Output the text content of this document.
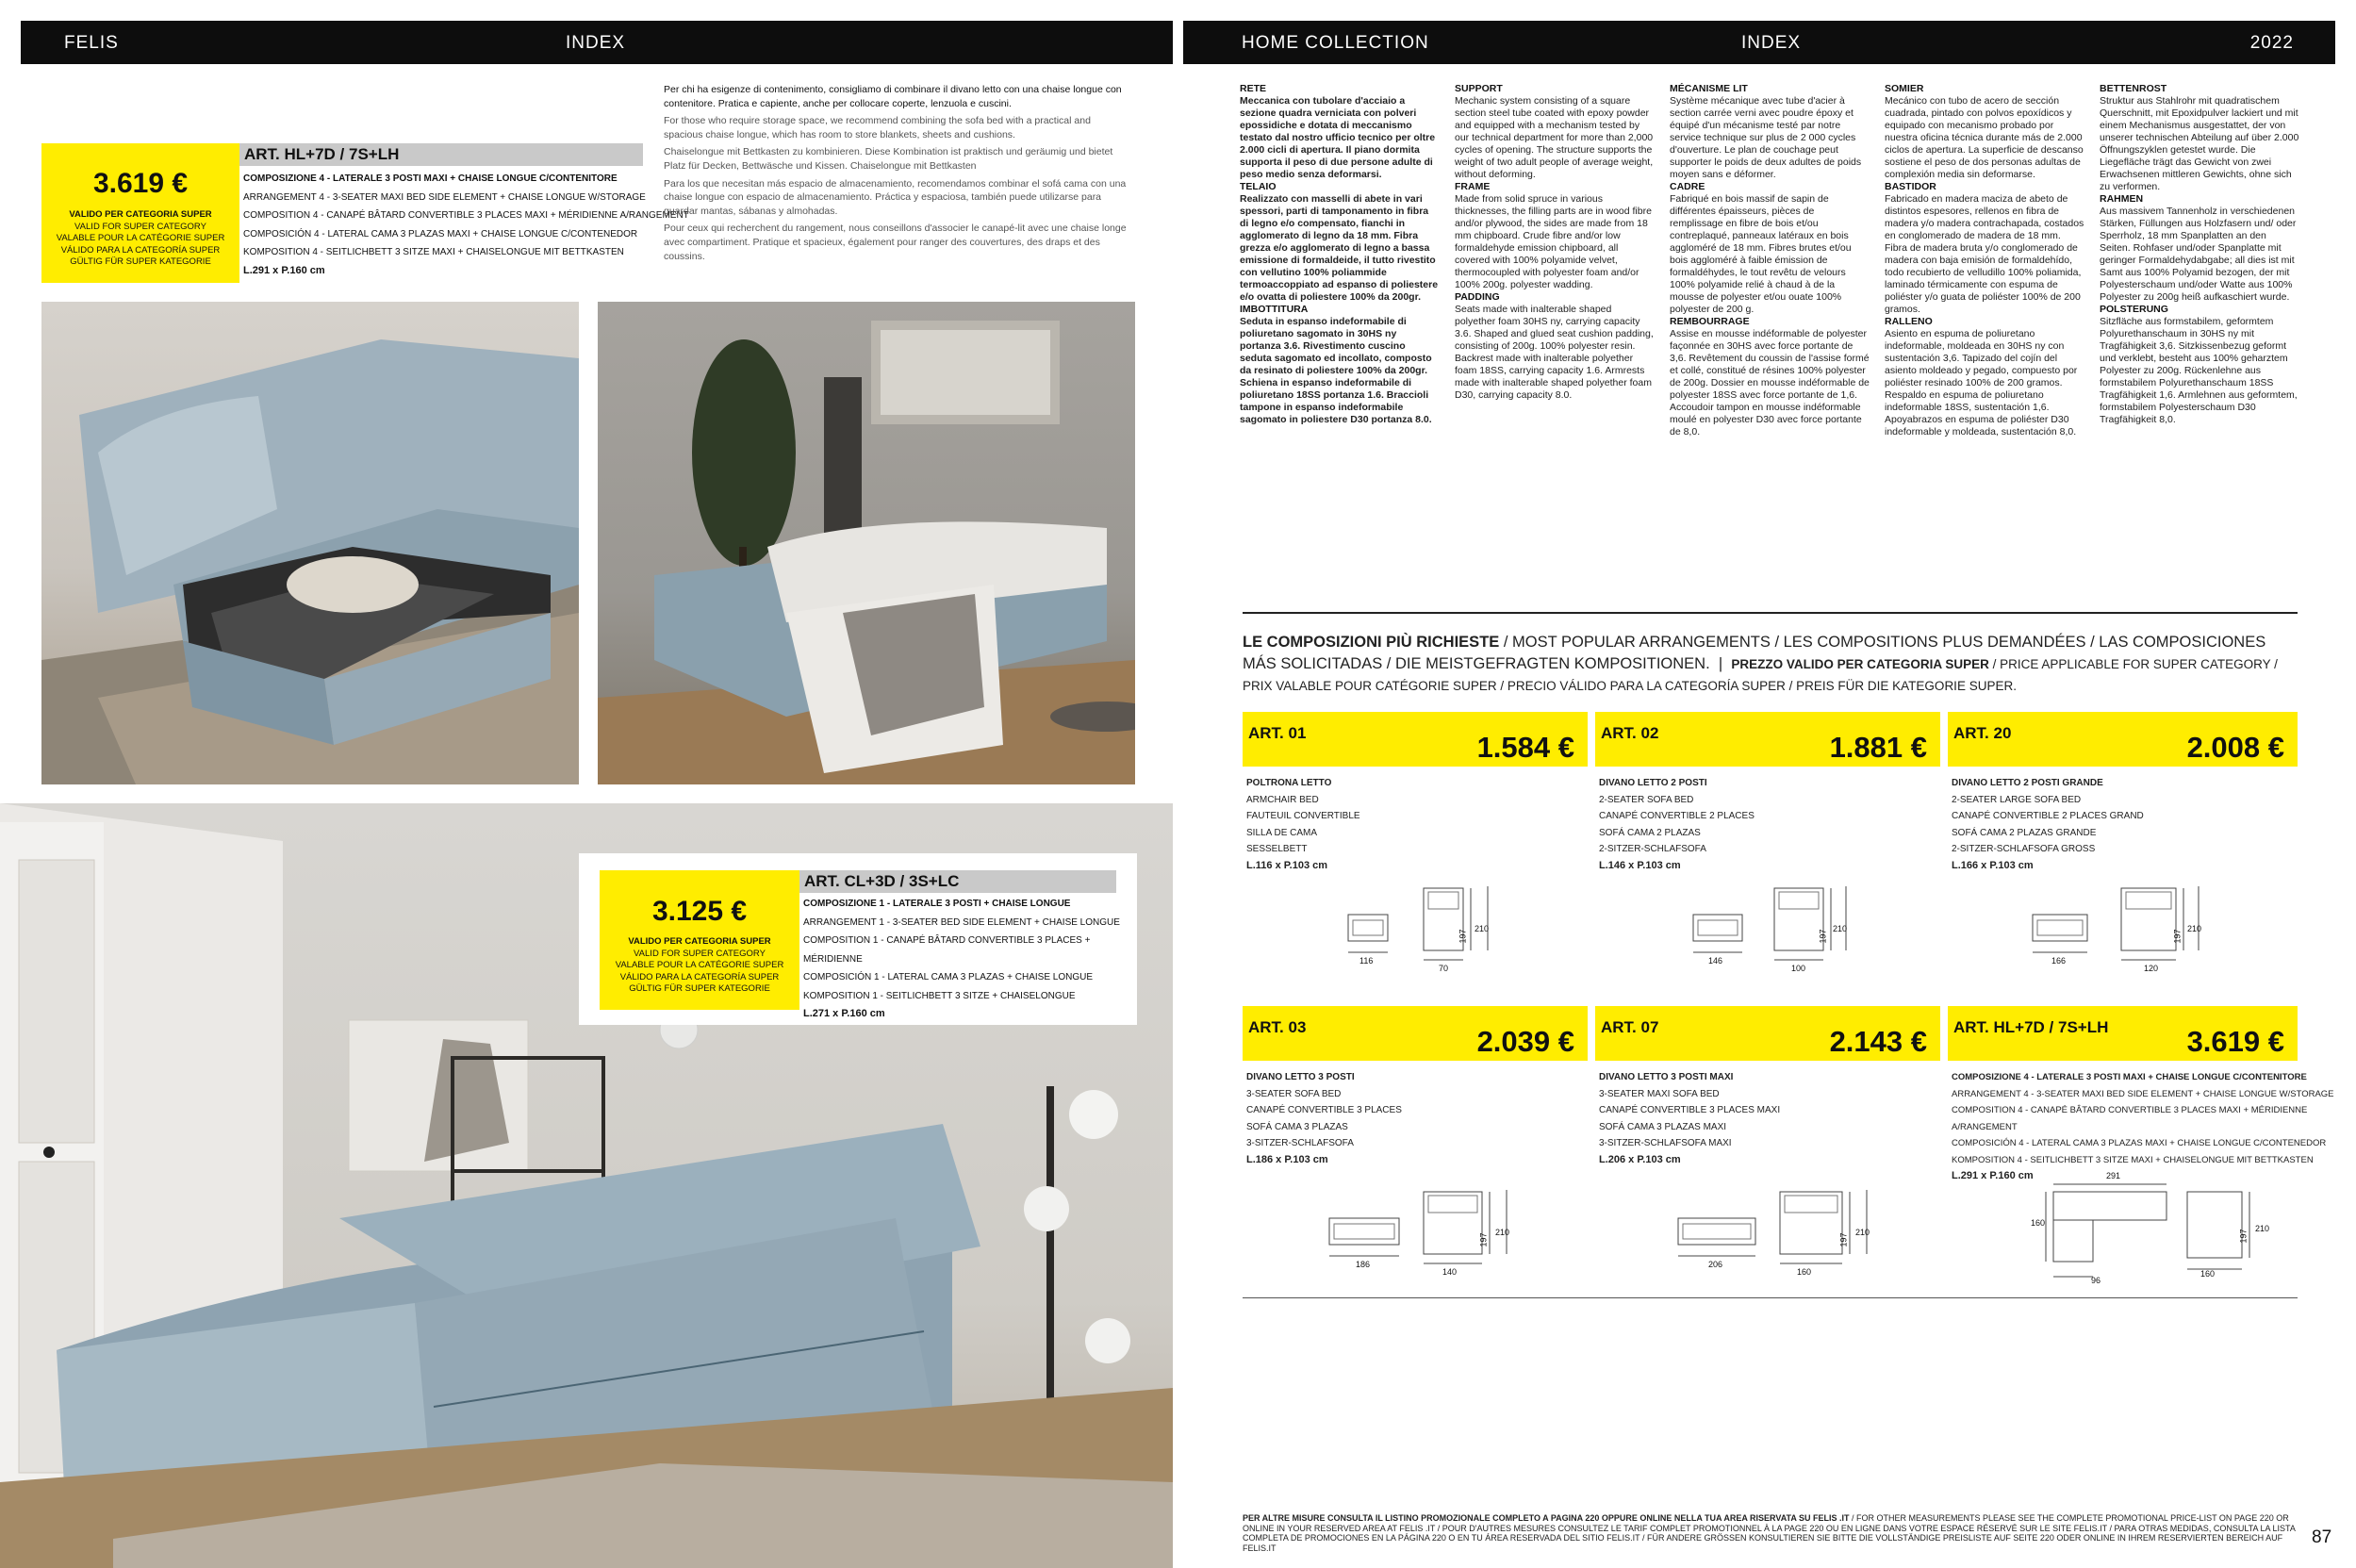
FELIS	INDEX	HOME COLLECTION	INDEX	2022
3.619 €
VALIDO PER CATEGORIA SUPER
VALID FOR SUPER CATEGORY
VALABLE POUR LA CATÉGORIE SUPER
VÁLIDO PARA LA CATEGORÍA SUPER
GÜLTIG FÜR SUPER KATEGORIE
ART. HL+7D / 7S+LH
COMPOSIZIONE 4 - LATERALE 3 POSTI MAXI + CHAISE LONGUE C/CONTENITORE
ARRANGEMENT 4 - 3-SEATER MAXI BED SIDE ELEMENT + CHAISE LONGUE W/STORAGE
COMPOSITION 4 - CANAPÉ BÂTARD CONVERTIBLE 3 PLACES MAXI + MÉRIDIENNE A/RANGEMENT
COMPOSICIÓN 4 - LATERAL CAMA 3 PLAZAS MAXI + CHAISE LONGUE C/CONTENEDOR
KOMPOSITION 4 - SEITLICHBETT 3 SITZE MAXI + CHAISELONGUE MIT BETTKASTEN
L.291 x P.160 cm

Per chi ha esigenze di contenimento, consigliamo di combinare il divano letto con una chaise longue con contenitore. Pratica e capiente, anche per collocare coperte, lenzuola e cuscini.

For those who require storage space, we recommend combining the sofa bed with a practical and spacious chaise longue, which has room to store blankets, sheets and cushions.

Chaiselongue mit Bettkasten zu kombinieren. Diese Kombination ist praktisch und geräumig und bietet Platz für Decken, Bettwäsche und Kissen. Chaiselongue mit Bettkasten

Para los que necesitan más espacio de almacenamiento, recomendamos combinar el sofá cama con una chaise longue con espacio de almacenamiento. Práctica y espaciosa, también puede utilizarse para guardar mantas, sábanas y almohadas.

Pour ceux qui recherchent du rangement, nous conseillons d'associer le canapé-lit avec une chaise longe avec compartiment. Pratique et spacieux, également pour ranger des couvertures, des draps et des coussins.

3.125 €
VALIDO PER CATEGORIA SUPER
VALID FOR SUPER CATEGORY
VALABLE POUR LA CATÉGORIE SUPER
VÁLIDO PARA LA CATEGORÍA SUPER
GÜLTIG FÜR SUPER KATEGORIE
ART. CL+3D / 3S+LC
COMPOSIZIONE 1 - LATERALE 3 POSTI + CHAISE LONGUE
ARRANGEMENT 1 - 3-SEATER BED SIDE ELEMENT + CHAISE LONGUE
COMPOSITION 1 - CANAPÉ BÂTARD CONVERTIBLE 3 PLACES + MÉRIDIENNE
COMPOSICIÓN 1 - LATERAL CAMA 3 PLAZAS + CHAISE LONGUE
KOMPOSITION 1 - SEITLICHBETT 3 SITZE + CHAISELONGUE
L.271 x P.160 cm
RETE
Meccanica con tubolare d'acciaio a sezione quadra verniciata con polveri epossidiche e dotata di meccanismo testato dal nostro ufficio tecnico per oltre 2.000 cicli di apertura. Il piano dormita supporta il peso di due persone adulte di peso medio senza deformarsi.
TELAIO
Realizzato con masselli di abete in vari spessori, parti di tamponamento in fibra di legno e/o compensato, fianchi in agglomerato di legno da 18 mm. Fibra grezza e/o agglomerato di legno a bassa emissione di formaldeide, il tutto rivestito con vellutino 100% poliammide termoaccoppiato ad espanso di poliestere e/o ovatta di poliestere 100% da 200gr.
IMBOTTITURA
Seduta in espanso indeformabile di poliuretano sagomato in 30HS ny portanza 3.6. Rivestimento cuscino seduta sagomato ed incollato, composto da resinato di poliestere 100% da 200gr. Schiena in espanso indeformabile di poliuretano 18SS portanza 1.6. Braccioli tampone in espanso indeformabile sagomato in poliestere D30 portanza 8.0.
SUPPORT
Mechanic system consisting of a square section steel tube coated with epoxy powder and equipped with a mechanism tested by our technical department for more than 2,000 cycles of opening. The structure supports the weight of two adult people of average weight, without deforming.
FRAME
Made from solid spruce in various thicknesses, the filling parts are in wood fibre and/or plywood, the sides are made from 18 mm chipboard. Crude fibre and/or low formaldehyde emission chipboard, all covered with 100% polyamide velvet, thermocoupled with polyester foam and/or 100% 200g. polyester wadding.
PADDING
Seats made with inalterable shaped polyether foam 30HS ny, carrying capacity 3.6. Shaped and glued seat cushion padding, consisting of 200g. 100% polyester resin. Backrest made with inalterable polyether foam 18SS, carrying capacity 1.6. Armrests made with inalterable shaped polyether foam D30, carrying capacity 8.0.
MÉCANISME LIT
Système mécanique avec tube d'acier à section carrée verni avec poudre époxy et équipé d'un mécanisme testé par notre service technique sur plus de 2 000 cycles d'ouverture. Le plan de couchage peut supporter le poids de deux adultes de poids moyen sans e déformer.
CADRE
Fabriqué en bois massif de sapin de différentes épaisseurs, pièces de remplissage en fibre de bois et/ou contreplaqué, panneaux latéraux en bois aggloméré de 18 mm. Fibres brutes et/ou bois aggloméré à faible émission de formaldéhydes, le tout revêtu de velours 100% polyamide relié à chaud à de la mousse de polyester et/ou ouate 100% polyester de 200 g.
REMBOURRAGE
Assise en mousse indéformable de polyester façonnée en 30HS avec force portante de 3,6. Revêtement du coussin de l'assise formé et collé, constitué de résines 100% polyester de 200g. Dossier en mousse indéformable de polyester 18SS avec force portante de 1,6. Accoudoir tampon en mousse indéformable moulé en polyester D30 avec force portante de 8,0.
SOMIER
Mecánico con tubo de acero de sección cuadrada, pintado con polvos epoxídicos y equipado con mecanismo probado por nuestra oficina técnica durante más de 2.000 ciclos de apertura. La superficie de descanso sostiene el peso de dos personas adultas de complexión media sin deformarse.
BASTIDOR
Fabricado en madera maciza de abeto de distintos espesores, rellenos en fibra de madera y/o madera contrachapada, costados en conglomerado de madera de 18 mm. Fibra de madera bruta y/o conglomerado de madera con baja emisión de formaldehído, todo recubierto de velludillo 100% poliamida, laminado térmicamente con espuma de poliéster y/o guata de poliéster 100% de 200 gramos.
RALLENO
Asiento en espuma de poliuretano indeformable, moldeada en 30HS ny con sustentación 3,6. Tapizado del cojín del asiento moldeado y pegado, compuesto por poliéster resinado 100% de 200 gramos. Respaldo en espuma de poliuretano indeformable 18SS, sustentación 1,6. Apoyabrazos en espuma de poliéster D30 indeformable y moldeada, sustentación 8,0.
BETTENROST
Struktur aus Stahlrohr mit quadratischem Querschnitt, mit Epoxidpulver lackiert und mit einem Mechanismus ausgestattet, der von unserer technischen Abteilung auf über 2.000 Öffnungszyklen getestet wurde. Die Liegefläche trägt das Gewicht von zwei Erwachsenen mittleren Gewichts, ohne sich zu verformen.
RAHMEN
Aus massivem Tannenholz in verschiedenen Stärken, Füllungen aus Holzfasern und/ oder Sperrholz, 18 mm Spanplatten an den Seiten. Rohfaser und/oder Spanplatte mit geringer Formaldehydabgabe; all dies ist mit Samt aus 100% Polyamid bezogen, der mit Polyesterschaum und/oder Watte aus 100% Polyester zu 200g heiß aufkaschiert wurde.
POLSTERUNG
Sitzfläche aus formstabilem, geformtem Polyurethanschaum in 30HS ny mit Tragfähigkeit 3,6. Sitzkissenbezug geformt und verklebt, besteht aus 100% geharztem Polyester zu 200g. Rückenlehne aus formstabilem Polyurethanschaum 18SS Tragfähigkeit 1,6. Armlehnen aus geformtem, formstabilem Polyesterschaum D30 Tragfähigkeit 8,0.
LE COMPOSIZIONI PIÙ RICHIESTE / MOST POPULAR ARRANGEMENTS / LES COMPOSITIONS PLUS DEMANDÉES / LAS COMPOSICIONES MÁS SOLICITADAS / DIE MEISTGEFRAGTEN KOMPOSITIONEN.  |  PREZZO VALIDO PER CATEGORIA SUPER / PRICE APPLICABLE FOR SUPER CATEGORY / PRIX VALABLE POUR CATÉGORIE SUPER / PRECIO VÁLIDO PARA LA CATEGORÍA SUPER / PREIS FÜR DIE KATEGORIE SUPER.
ART. 01	1.584 € ART. 02	1.881 € ART. 20	2.008 €
POLTRONA LETTO
ARMCHAIR BED
FAUTEUIL CONVERTIBLE
SILLA DE CAMA
SESSELBETT
L.116 x P.103 cm
DIVANO LETTO 2 POSTI
2-SEATER SOFA BED
CANAPÉ CONVERTIBLE 2 PLACES
SOFÁ CAMA 2 PLAZAS
2-SITZER-SCHLAFSOFA
L.146 x P.103 cm
DIVANO LETTO 2 POSTI GRANDE
2-SEATER LARGE SOFA BED
CANAPÉ CONVERTIBLE 2 PLACES GRAND
SOFÁ CAMA 2 PLAZAS GRANDE
2-SITZER-SCHLAFSOFA GROSS
L.166 x P.103 cm
116
70
197
210
146
100
197
210
166
120
197
210
ART. 03	2.039 € ART. 07	2.143 € ART. HL+7D / 7S+LH	3.619 €
DIVANO LETTO 3 POSTI
3-SEATER SOFA BED
CANAPÉ CONVERTIBLE 3 PLACES
SOFÁ CAMA 3 PLAZAS
3-SITZER-SCHLAFSOFA
L.186 x P.103 cm
DIVANO LETTO 3 POSTI MAXI
3-SEATER MAXI SOFA BED
CANAPÉ CONVERTIBLE 3 PLACES MAXI
SOFÁ CAMA 3 PLAZAS MAXI
3-SITZER-SCHLAFSOFA MAXI
L.206 x P.103 cm
COMPOSIZIONE 4 - LATERALE 3 POSTI MAXI + CHAISE LONGUE C/CONTENITORE
ARRANGEMENT 4 - 3-SEATER MAXI BED SIDE ELEMENT + CHAISE LONGUE W/STORAGE
COMPOSITION 4 - CANAPÉ BÂTARD CONVERTIBLE 3 PLACES MAXI + MÉRIDIENNE A/RANGEMENT
COMPOSICIÓN 4 - LATERAL CAMA 3 PLAZAS MAXI + CHAISE LONGUE C/CONTENEDOR
KOMPOSITION 4 - SEITLICHBETT 3 SITZE MAXI + CHAISELONGUE MIT BETTKASTEN
L.291 x P.160 cm
186
140
197
210
206
160
197
210
291
160
96
160
197
210
PER ALTRE MISURE CONSULTA IL LISTINO PROMOZIONALE COMPLETO A PAGINA 220 OPPURE ONLINE NELLA TUA AREA RISERVATA SU FELIS .IT / FOR OTHER MEASUREMENTS PLEASE SEE THE COMPLETE PROMOTIONAL PRICE-LIST ON PAGE 220 OR ONLINE IN YOUR RESERVED AREA AT FELIS .IT / POUR D'AUTRES MESURES CONSULTEZ LE TARIF COMPLET PROMOTIONNEL À LA PAGE 220 OU EN LIGNE DANS VOTRE ESPACE RÉSERVÉ SUR LE SITE FELIS.IT / PARA OTRAS MEDIDAS, CONSULTA LA LISTA COMPLETA DE PROMOCIONES EN LA PÁGINA 220 O EN TU ÁREA RESERVADA DEL SITIO FELIS.IT / FÜR ANDERE GRÖSSEN KONSULTIEREN SIE BITTE DIE VOLLSTÄNDIGE PREISLISTE AUF SEITE 220 ODER ONLINE IN IHREM RESERVIERTEN BEREICH AUF FELIS.IT
87
